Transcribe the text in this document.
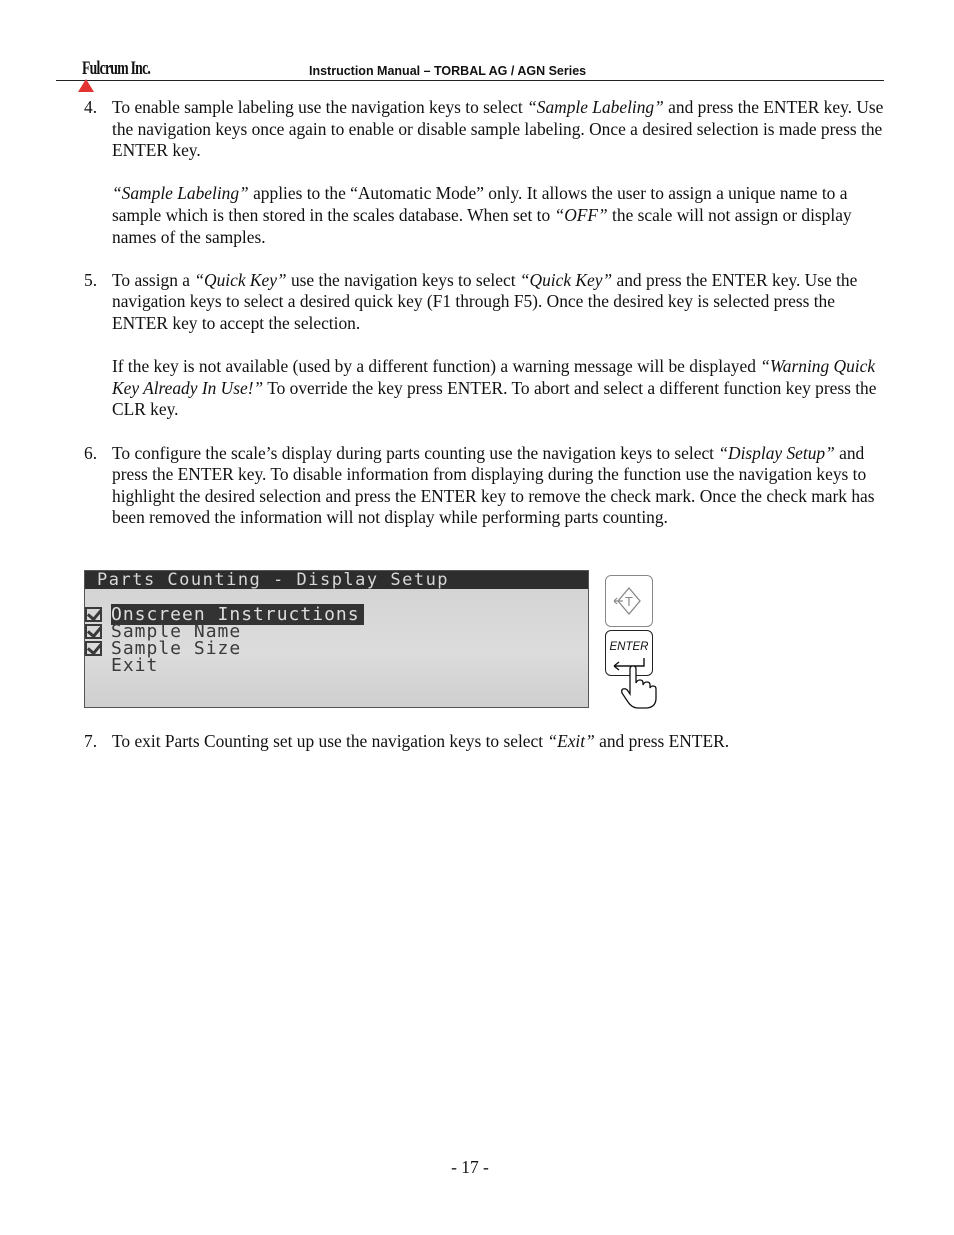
Fulcrum Inc.	Instruction Manual – TORBAL AG / AGN Series
4. To enable sample labeling use the navigation keys to select “Sample Labeling” and press the ENTER key. Use the navigation keys once again to enable or disable sample labeling. Once a desired selection is made press the ENTER key.

“Sample Labeling” applies to the “Automatic Mode” only. It allows the user to assign a unique name to a sample which is then stored in the scales database. When set to “OFF” the scale will not assign or display names of the samples.

5. To assign a “Quick Key” use the navigation keys to select “Quick Key” and press the ENTER key. Use the navigation keys to select a desired quick key (F1 through F5). Once the desired key is selected press the ENTER key to accept the selection.

If the key is not available (used by a different function) a warning message will be displayed “Warning Quick Key Already In Use!” To override the key press ENTER. To abort and select a different function key press the CLR key.

6. To configure the scale’s display during parts counting use the navigation keys to select “Display Setup” and press the ENTER key. To disable information from displaying during the function use the navigation keys to highlight the desired selection and press the ENTER key to remove the check mark. Once the check mark has been removed the information will not display while performing parts counting.

Parts Counting - Display Setup
Onscreen Instructions
Sample Name
Sample Size
Exit
T
ENTER
7. To exit Parts Counting set up use the navigation keys to select “Exit” and press ENTER.

- 17 -
